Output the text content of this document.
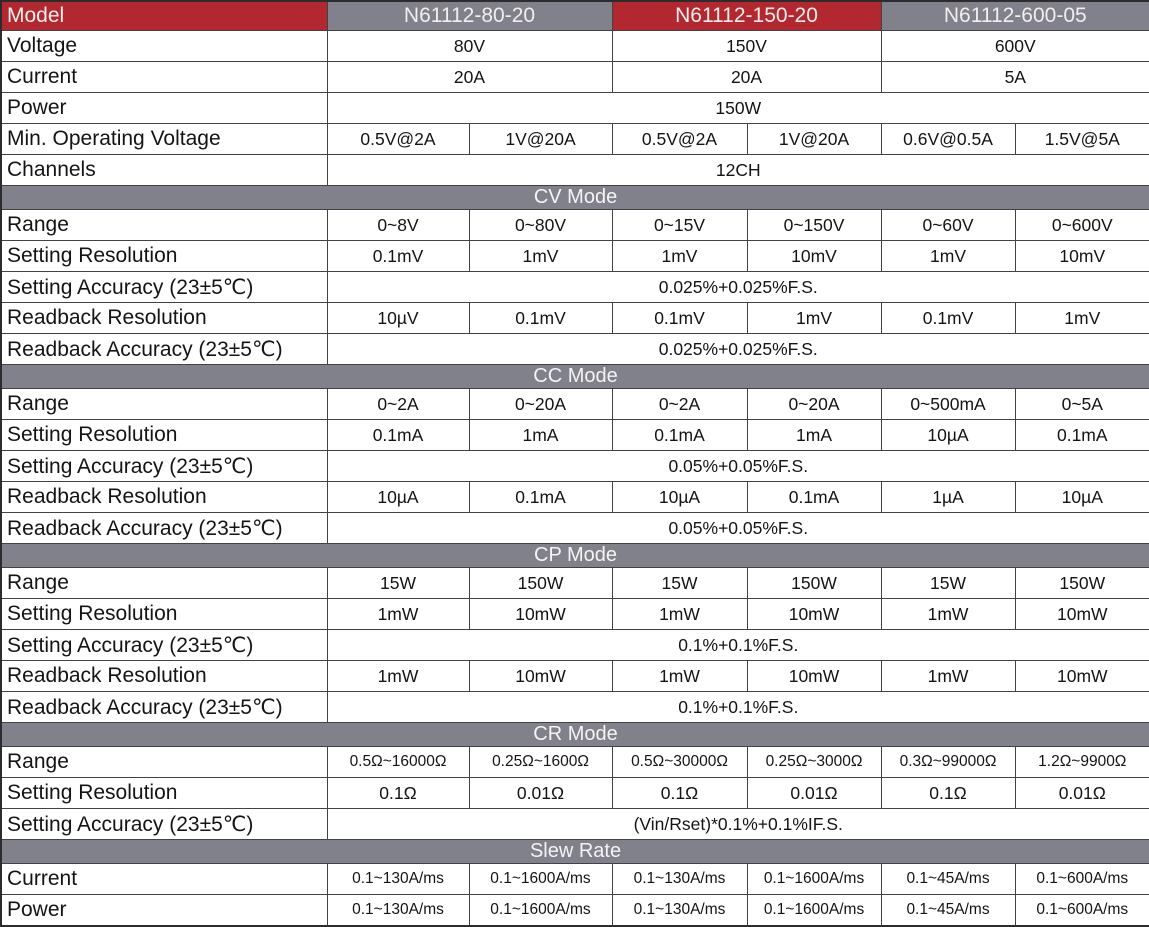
Model	N61112-80-20		N61112-150-20		N61112-600-05	
Voltage	80V		150V		600V	
Current	20A		20A		5A	
Power	150W					
Min. Operating Voltage	0.5V@2A	1V@20A	0.5V@2A	1V@20A	0.6V@0.5A	1.5V@5A
Channels	12CH					
CV Mode						
Range	0~8V	0~80V	0~15V	0~150V	0~60V	0~600V
Setting Resolution	0.1mV	1mV	1mV	10mV	1mV	10mV
Setting Accuracy (23±5℃)	0.025%+0.025%F.S.					
Readback Resolution	10µV	0.1mV	0.1mV	1mV	0.1mV	1mV
Readback Accuracy (23±5℃)	0.025%+0.025%F.S.					
CC Mode						
Range	0~2A	0~20A	0~2A	0~20A	0~500mA	0~5A
Setting Resolution	0.1mA	1mA	0.1mA	1mA	10µA	0.1mA
Setting Accuracy (23±5℃)	0.05%+0.05%F.S.					
Readback Resolution	10µA	0.1mA	10µA	0.1mA	1µA	10µA
Readback Accuracy (23±5℃)	0.05%+0.05%F.S.					
CP Mode						
Range	15W	150W	15W	150W	15W	150W
Setting Resolution	1mW	10mW	1mW	10mW	1mW	10mW
Setting Accuracy (23±5℃)	0.1%+0.1%F.S.					
Readback Resolution	1mW	10mW	1mW	10mW	1mW	10mW
Readback Accuracy (23±5℃)	0.1%+0.1%F.S.					
CR Mode						
Range	0.5Ω~16000Ω	0.25Ω~1600Ω	0.5Ω~30000Ω	0.25Ω~3000Ω	0.3Ω~99000Ω	1.2Ω~9900Ω
Setting Resolution	0.1Ω	0.01Ω	0.1Ω	0.01Ω	0.1Ω	0.01Ω
Setting Accuracy (23±5℃)	(Vin/Rset)*0.1%+0.1%IF.S.					
Slew Rate						
Current	0.1~130A/ms	0.1~1600A/ms	0.1~130A/ms	0.1~1600A/ms	0.1~45A/ms	0.1~600A/ms
Power	0.1~130A/ms	0.1~1600A/ms	0.1~130A/ms	0.1~1600A/ms	0.1~45A/ms	0.1~600A/ms
